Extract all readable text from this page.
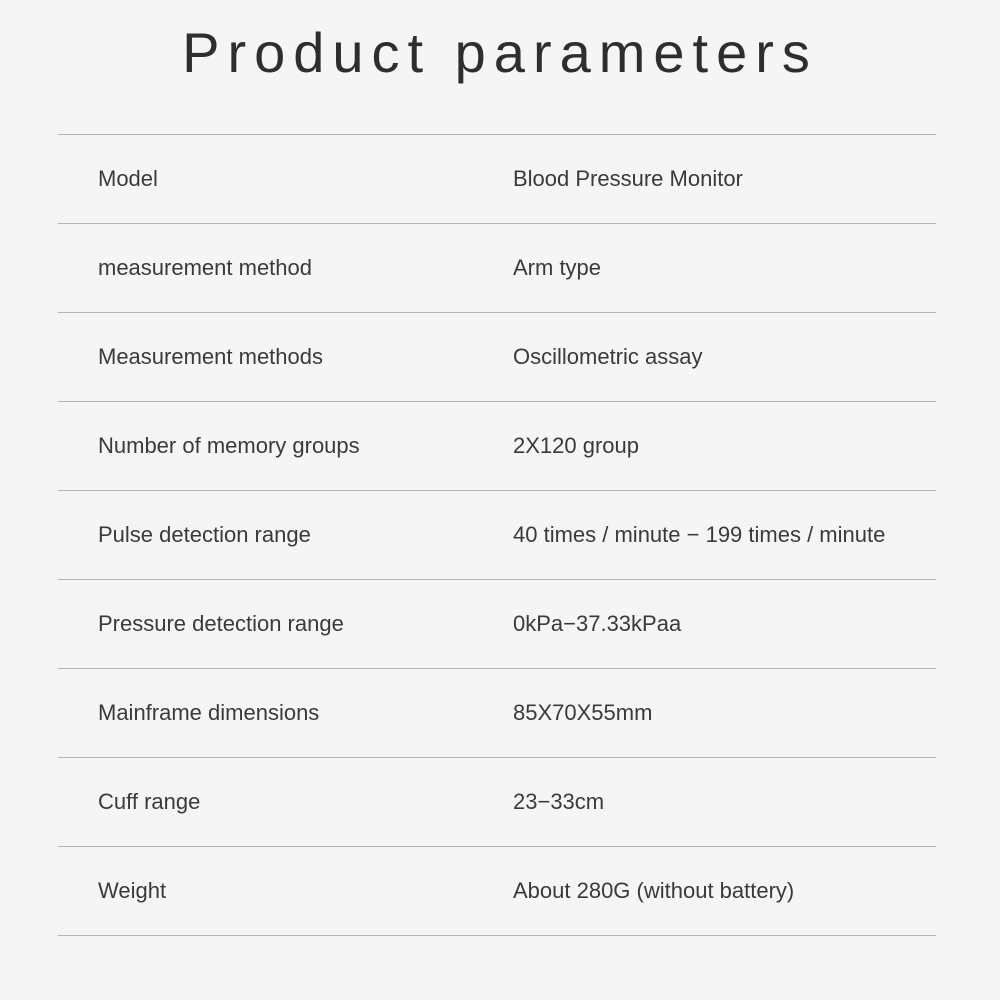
Product parameters
Model	Blood Pressure Monitor
measurement method	Arm type
Measurement methods	Oscillometric assay
Number of memory groups	2X120 group
Pulse detection range	40 times / minute − 199 times / minute
Pressure detection range	0kPa−37.33kPaa
Mainframe dimensions	85X70X55mm
Cuff range	23−33cm
Weight	About 280G (without battery)
